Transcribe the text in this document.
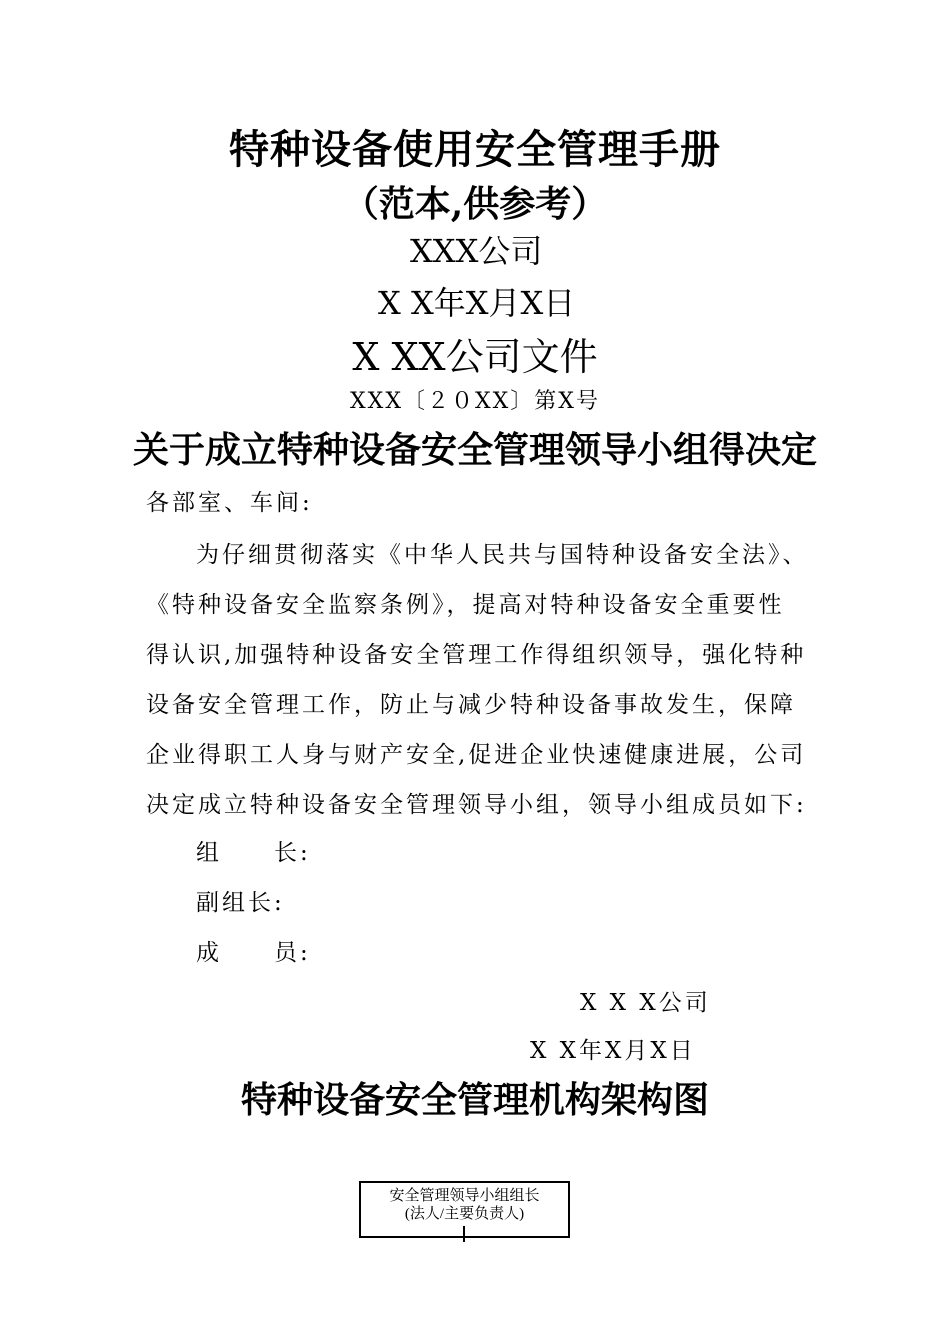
特种设备使用安全管理手册
（范本,供参考）
XXX公司
X X年X月X日
X XX公司文件
XXX〔２０XX〕第X号
关于成立特种设备安全管理领导小组得决定
各部室、车间:
为仔细贯彻落实《中华人民共与国特种设备安全法》、
《特种设备安全监察条例》，提高对特种设备安全重要性
得认识,加强特种设备安全管理工作得组织领导，强化特种
设备安全管理工作，防止与减少特种设备事故发生，保障
企业得职工人身与财产安全,促进企业快速健康进展，公司
决定成立特种设备安全管理领导小组，领导小组成员如下:
组　　长:
副组长:
成　　员:
X X X公司
X X年X月X日
特种设备安全管理机构架构图
安全管理领导小组组长
(法人/主要负责人)
